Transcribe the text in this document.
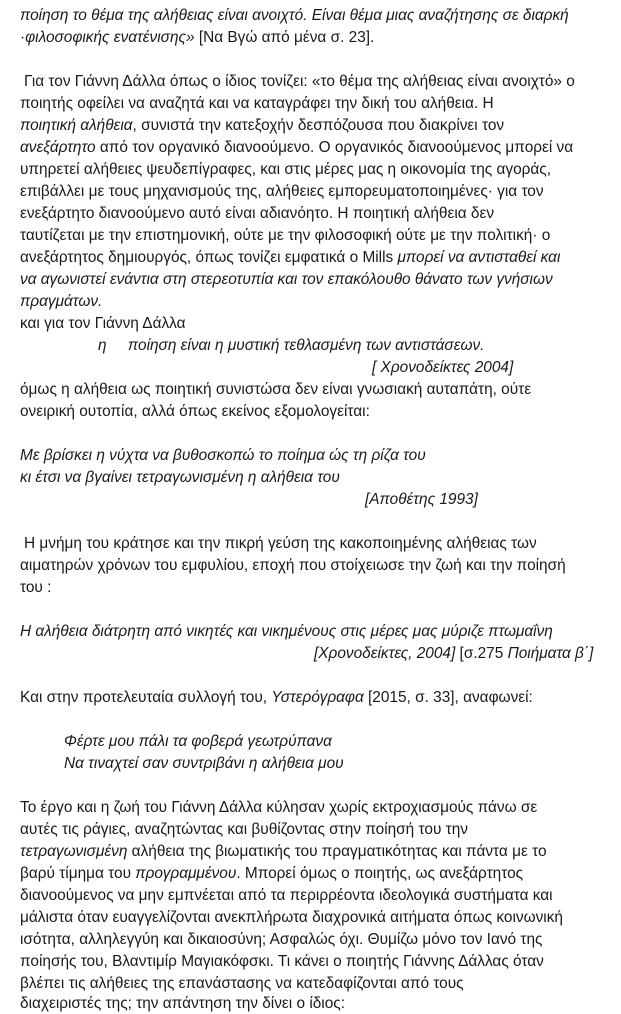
ποίηση το θέμα της αλήθειας είναι ανοιχτό. Είναι θέμα μιας αναζήτησης σε διαρκή
·φιλοσοφικής ενατένισης» [Να Βγώ από μένα σ. 23].
Για τον Γιάννη Δάλλα όπως ο ίδιος τονίζει: «το θέμα της αλήθειας είναι ανοιχτό» ο
ποιητής οφείλει να αναζητά και να καταγράφει την δική του αλήθεια. Η
ποιητική αλήθεια, συνιστά την κατεξοχήν δεσπόζουσα που διακρίνει τον
ανεξάρτητο από τον οργανικό διανοούμενο. Ο οργανικός διανοούμενος μπορεί να
υπηρετεί αλήθειες ψευδεπίγραφες, και στις μέρες μας η οικονομία της αγοράς,
επιβάλλει με τους μηχανισμούς της, αλήθειες εμπορευματοποιημένες· για τον
ενεξάρτητο διανοούμενο αυτό είναι αδιανόητο. Η ποιητική αλήθεια δεν
ταυτίζεται με την επιστημονική, ούτε με την φιλοσοφική ούτε με την πολιτική· ο
ανεξάρτητος δημιουργός, όπως τονίζει εμφατικά ο Mills μπορεί να αντισταθεί και
να αγωνιστεί ενάντια στη στερεοτυπία και τον επακόλουθο θάνατο των γνήσιων
πραγμάτων.
και για τον Γιάννη Δάλλα
η     ποίηση είναι η μυστική τεθλασμένη των αντιστάσεων.
[ Χρονοδείκτες 2004]
όμως η αλήθεια ως ποιητική συνιστώσα δεν είναι γνωσιακή αυταπάτη, ούτε
ονειρική ουτοπία, αλλά όπως εκείνος εξομολογείται:
Με βρίσκει η νύχτα να βυθοσκοπώ το ποίημα ώς τη ρίζα του
κι έτσι να βγαίνει τετραγωνισμένη η αλήθεια του
[Αποθέτης 1993]
Η μνήμη του κράτησε και την πικρή γεύση της κακοποιημένης αλήθειας των
αιματηρών χρόνων του εμφυλίου, εποχή που στοίχειωσε την ζωή και την ποίησή
του :
Η αλήθεια διάτρητη από νικητές και νικημένους στις μέρες μας μύριζε πτωμαΐνη
[Χρονοδείκτες, 2004] [σ.275 Ποιήματα β΄]
Και στην προτελευταία συλλογή του, Υστερόγραφα [2015, σ. 33], αναφωνεί:
Φέρτε μου πάλι τα φοβερά γεωτρύπανα
Να τιναχτεί σαν συντριβάνι η αλήθεια μου
Το έργο και η ζωή του Γιάννη Δάλλα κύλησαν χωρίς εκτροχιασμούς πάνω σε
αυτές τις ράγιες, αναζητώντας και βυθίζοντας στην ποίησή του την
τετραγωνισμένη αλήθεια της βιωματικής του πραγματικότητας και πάντα με το
βαρύ τίμημα του προγραμμένου. Μπορεί όμως ο ποιητής, ως ανεξάρτητος
διανοούμενος να μην εμπνέεται από τα περιρρέοντα ιδεολογικά συστήματα και
μάλιστα όταν ευαγγελίζονται ανεκπλήρωτα διαχρονικά αιτήματα όπως κοινωνική
ισότητα, αλληλεγγύη και δικαιοσύνη; Ασφαλώς όχι. Θυμίζω μόνο τον Ιανό της
ποίησής του, Βλαντιμίρ Μαγιακόφσκι. Τι κάνει ο ποιητής Γιάννης Δάλλας όταν
βλέπει τις αλήθειες της επανάστασης να κατεδαφίζονται από τους
διαχειριστές της; την απάντηση την δίνει ο ίδιος:
